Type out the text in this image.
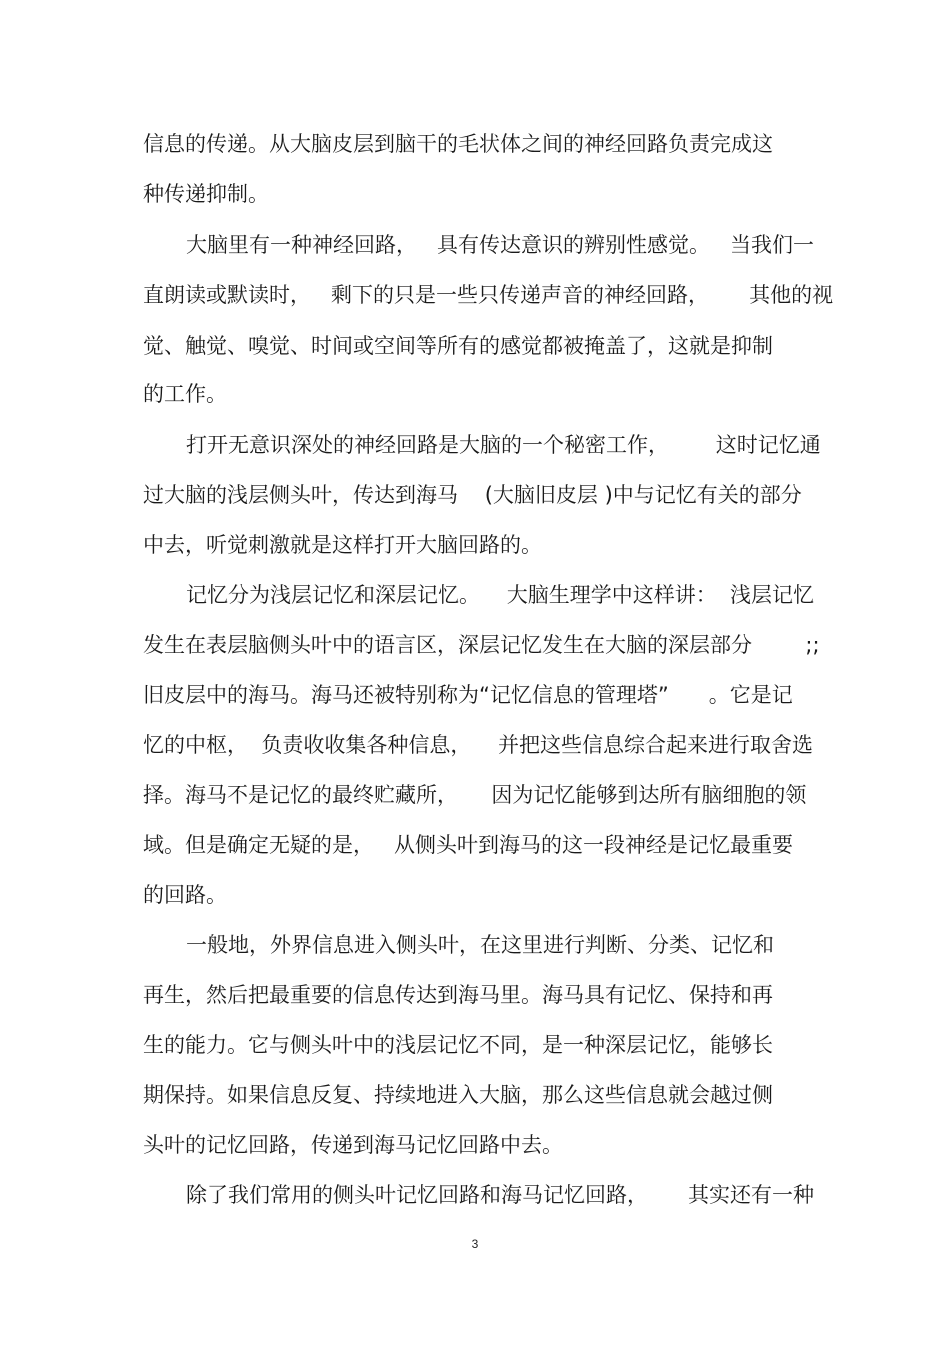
信息的传递。从大脑皮层到脑干的毛状体之间的神经回路负责完成这
种传递抑制。
大脑里有一种神经回路，   具有传达意识的辨别性感觉。   当我们一
直朗读或默读时，   剩下的只是一些只传递声音的神经回路，      其他的视
觉、触觉、嗅觉、时间或空间等所有的感觉都被掩盖了，这就是抑制
的工作。
打开无意识深处的神经回路是大脑的一个秘密工作，       这时记忆通
过大脑的浅层侧头叶，传达到海马    (大脑旧皮层 )中与记忆有关的部分
中去，听觉刺激就是这样打开大脑回路的。
记忆分为浅层记忆和深层记忆。    大脑生理学中这样讲：  浅层记忆
发生在表层脑侧头叶中的语言区，深层记忆发生在大脑的深层部分        ;;
旧皮层中的海马。海马还被特别称为“记忆信息的管理塔”      。它是记
忆的中枢，  负责收收集各种信息，    并把这些信息综合起来进行取舍选
择。海马不是记忆的最终贮藏所，     因为记忆能够到达所有脑细胞的领
域。但是确定无疑的是，   从侧头叶到海马的这一段神经是记忆最重要
的回路。
一般地，外界信息进入侧头叶，在这里进行判断、分类、记忆和
再生，然后把最重要的信息传达到海马里。海马具有记忆、保持和再
生的能力。它与侧头叶中的浅层记忆不同，是一种深层记忆，能够长
期保持。如果信息反复、持续地进入大脑，那么这些信息就会越过侧
头叶的记忆回路，传递到海马记忆回路中去。
除了我们常用的侧头叶记忆回路和海马记忆回路，      其实还有一种
3
